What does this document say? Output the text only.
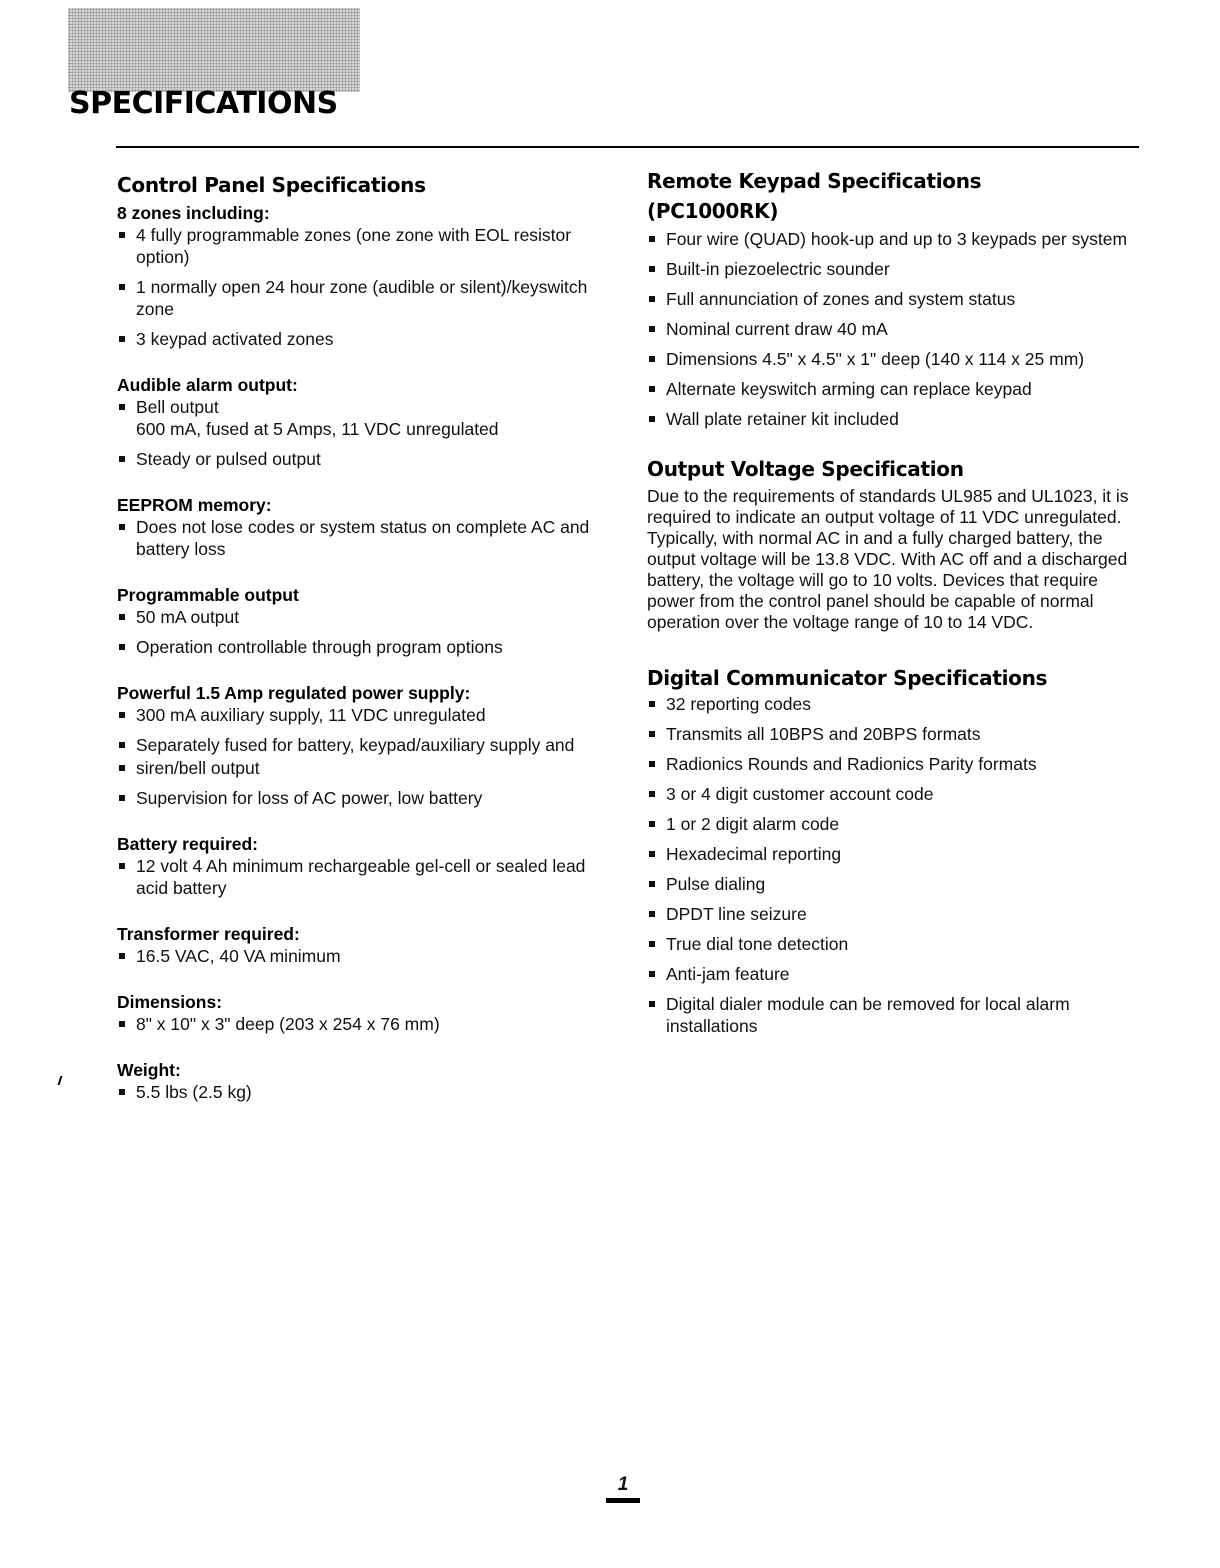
SPECIFICATIONS
Control Panel Specifications
8 zones including:
4 fully programmable zones (one zone with EOL resistor option)
1 normally open 24 hour zone (audible or silent)/keyswitch zone
3 keypad activated zones
Audible alarm output:
Bell output
600 mA, fused at 5 Amps, 11 VDC unregulated
Steady or pulsed output
EEPROM memory:
Does not lose codes or system status on complete AC and battery loss
Programmable output
50 mA output
Operation controllable through program options
Powerful 1.5 Amp regulated power supply:
300 mA auxiliary supply, 11 VDC unregulated
Separately fused for battery, keypad/auxiliary supply and
siren/bell output
Supervision for loss of AC power, low battery
Battery required:
12 volt 4 Ah minimum rechargeable gel-cell or sealed lead acid battery
Transformer required:
16.5 VAC, 40 VA minimum
Dimensions:
8" x 10" x 3" deep (203 x 254 x 76 mm)
Weight:
5.5 lbs (2.5 kg)
Remote Keypad Specifications
(PC1000RK)
Four wire (QUAD) hook-up and up to 3 keypads per system
Built-in piezoelectric sounder
Full annunciation of zones and system status
Nominal current draw 40 mA
Dimensions 4.5" x 4.5" x 1" deep (140 x 114 x 25 mm)
Alternate keyswitch arming can replace keypad
Wall plate retainer kit included
Output Voltage Specification

Due to the requirements of standards UL985 and UL1023, it is required to indicate an output voltage of 11 VDC unregulated. Typically, with normal AC in and a fully charged battery, the output voltage will be 13.8 VDC. With AC off and a discharged battery, the voltage will go to 10 volts. Devices that require power from the control panel should be capable of normal operation over the voltage range of 10 to 14 VDC.

Digital Communicator Specifications
32 reporting codes
Transmits all 10BPS and 20BPS formats
Radionics Rounds and Radionics Parity formats
3 or 4 digit customer account code
1 or 2 digit alarm code
Hexadecimal reporting
Pulse dialing
DPDT line seizure
True dial tone detection
Anti-jam feature
Digital dialer module can be removed for local alarm installations
1
